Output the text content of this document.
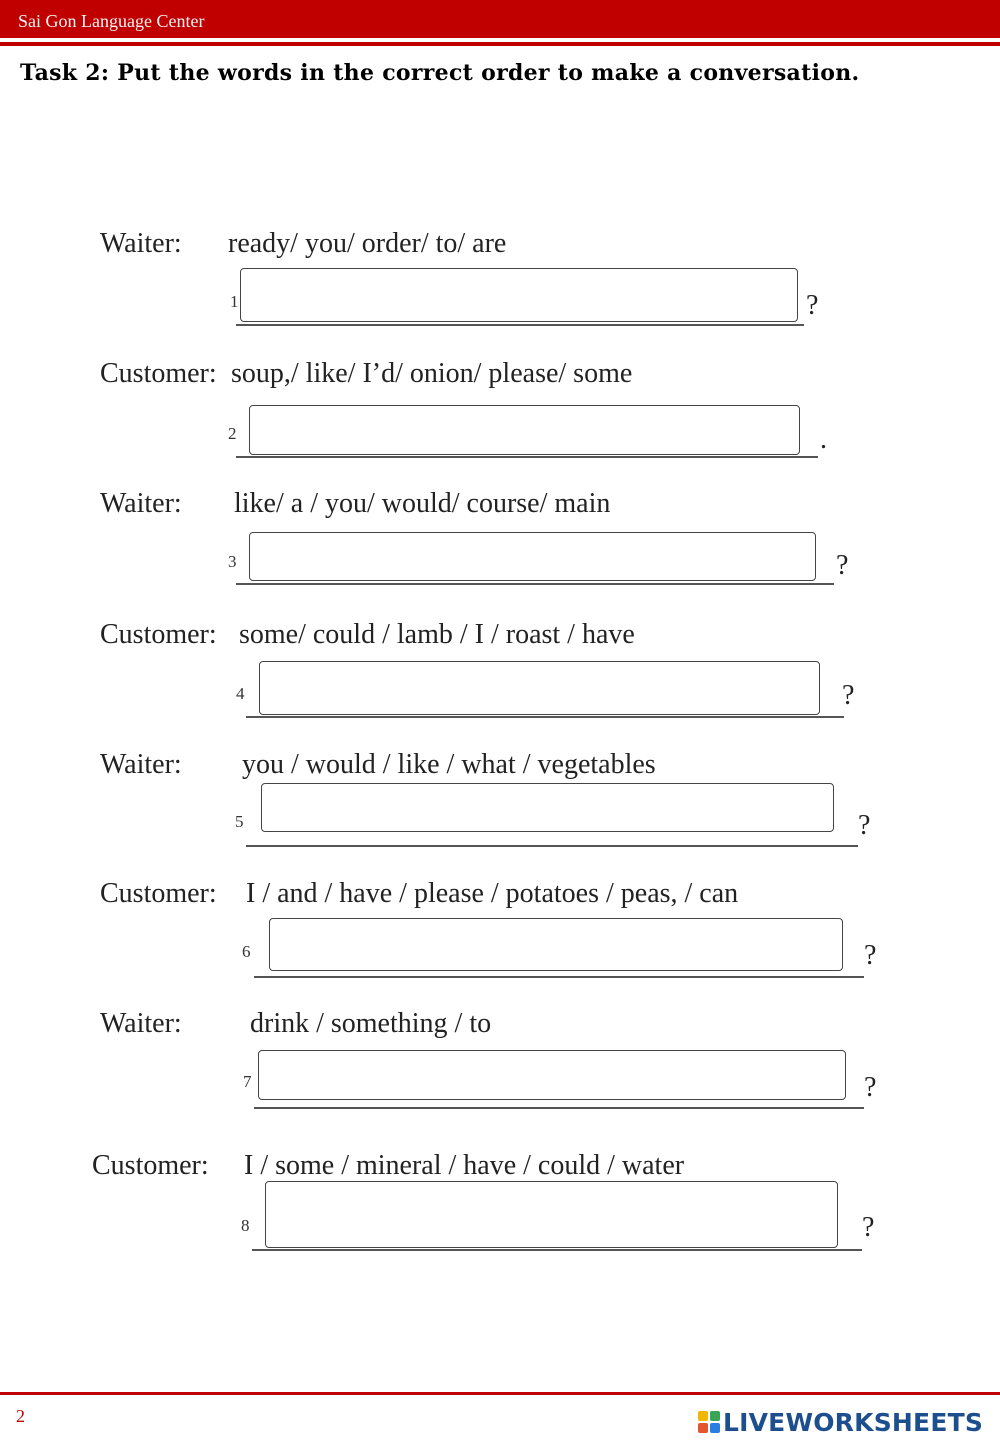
Sai Gon Language Center
Task 2: Put the words in the correct order to make a conversation.
Waiter: ready/ you/ order/ to/ are
1	?
Customer: soup,/ like/ I’d/ onion/ please/ some
2	.
Waiter: like/ a / you/ would/ course/ main
3	?
Customer: some/ could / lamb / I / roast / have
4	?
Waiter: you / would / like / what / vegetables
5	?
Customer: I / and / have / please / potatoes / peas, / can
6	?
Waiter: drink / something / to
7	?
Customer: I / some / mineral / have / could / water
8	?
2	LIVEWORKSHEETS
